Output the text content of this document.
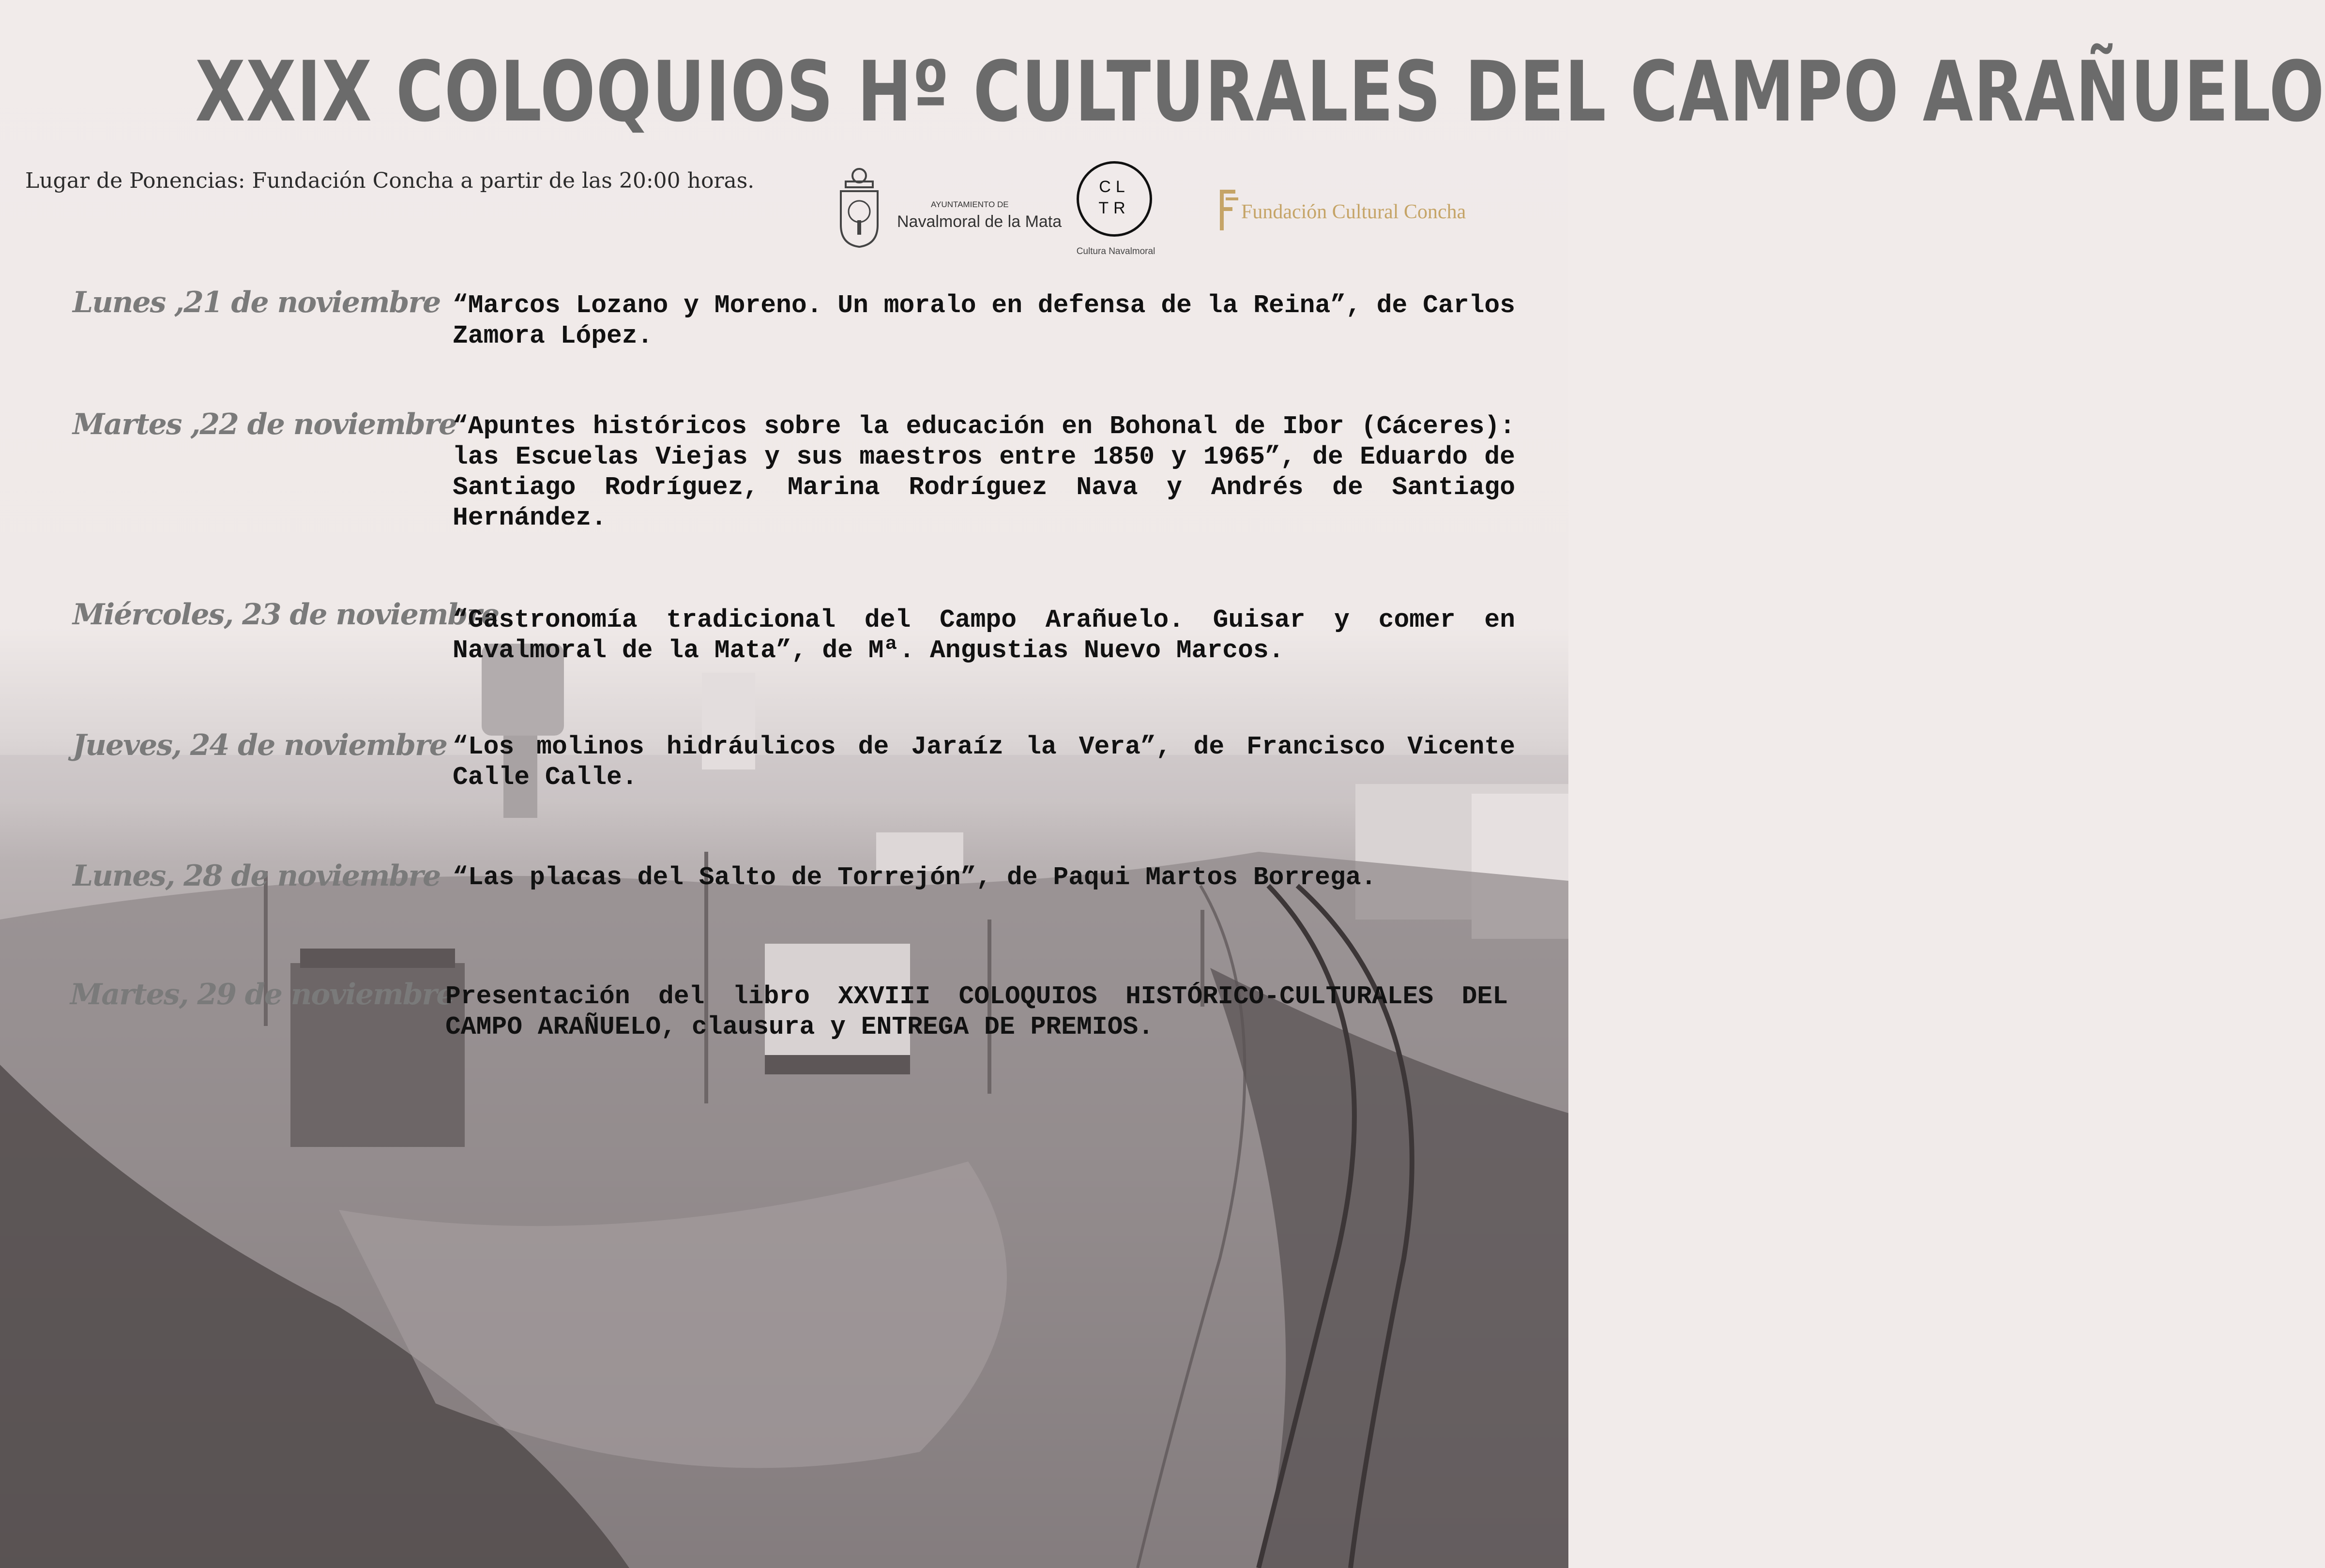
XXIX COLOQUIOS Hº CULTURALES DEL CAMPO ARAÑUELO
Lugar de Ponencias: Fundación Concha a partir de las 20:00 horas.
AYUNTAMIENTO DE
Navalmoral de la Mata
CL
TR
Cultura Navalmoral
Fundación Cultural Concha
Lunes ,21 de noviembre “Marcos Lozano y Moreno. Un moralo en defensa de la Reina”, de Carlos Zamora López.
Martes ,22 de noviembre
“Apuntes históricos sobre la educación en Bohonal de Ibor (Cáceres): las Escuelas Viejas y sus maestros entre 1850 y 1965”, de Eduardo de Santiago Rodríguez, Marina Rodríguez Nava y Andrés de Santiago Hernández.
Miércoles, 23 de noviembre
“Gastronomía tradicional del Campo Arañuelo. Guisar y comer en Navalmoral de la Mata”, de Mª. Angustias Nuevo Marcos.
Jueves, 24 de noviembre “Los molinos hidráulicos de Jaraíz la Vera”, de Francisco Vicente Calle Calle.
Lunes, 28 de noviembre “Las placas del Salto de Torrejón”, de Paqui Martos Borrega.
Martes, 29 de noviembre
Presentación del libro XXVIII COLOQUIOS HISTÓRICO-CULTURALES DEL CAMPO ARAÑUELO, clausura y ENTREGA DE PREMIOS.
